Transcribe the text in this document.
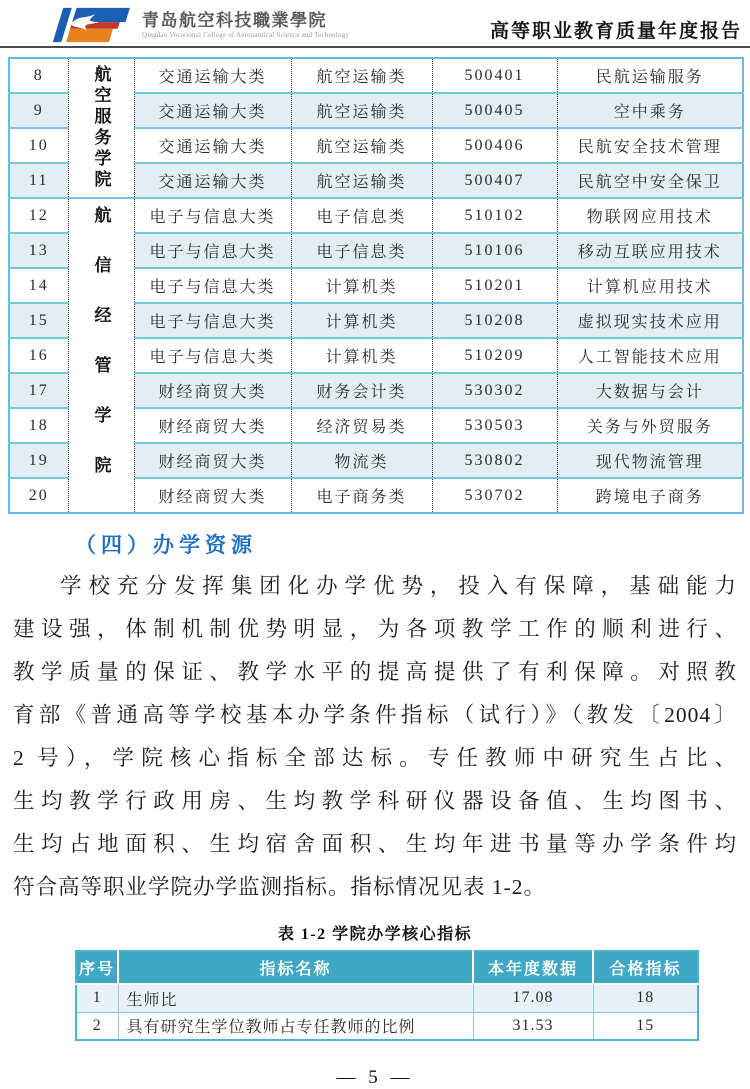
青岛航空科技職業學院
Qingdao Vocational College of Aeronautical Science and Technology	高等职业教育质量年度报告
8	航空服务学院	交通运输大类	航空运输类	500401	民航运输服务
9		交通运输大类	航空运输类	500405	空中乘务
10		交通运输大类	航空运输类	500406	民航安全技术管理
11		交通运输大类	航空运输类	500407	民航空中安全保卫
12	航信经管学院	电子与信息大类	电子信息类	510102	物联网应用技术
13		电子与信息大类	电子信息类	510106	移动互联应用技术
14		电子与信息大类	计算机类	510201	计算机应用技术
15		电子与信息大类	计算机类	510208	虚拟现实技术应用
16		电子与信息大类	计算机类	510209	人工智能技术应用
17		财经商贸大类	财务会计类	530302	大数据与会计
18		财经商贸大类	经济贸易类	530503	关务与外贸服务
19		财经商贸大类	物流类	530802	现代物流管理
20		财经商贸大类	电子商务类	530702	跨境电子商务
（四）办学资源
学校充分发挥集团化办学优势，投入有保障，基础能力
建设强，体制机制优势明显，为各项教学工作的顺利进行、
教学质量的保证、教学水平的提高提供了有利保障。对照教
育部《普通高等学校基本办学条件指标（试行）》（教发〔2004〕
2 号），学院核心指标全部达标。专任教师中研究生占比、
生均教学行政用房、生均教学科研仪器设备值、生均图书、
生均占地面积、生均宿舍面积、生均年进书量等办学条件均
符合高等职业学院办学监测指标。指标情况见表 1-2。
表 1-2 学院办学核心指标
序号	指标名称	本年度数据	合格指标
1	生师比	17.08	18
2	具有研究生学位教师占专任教师的比例	31.53	15
— 5 —
